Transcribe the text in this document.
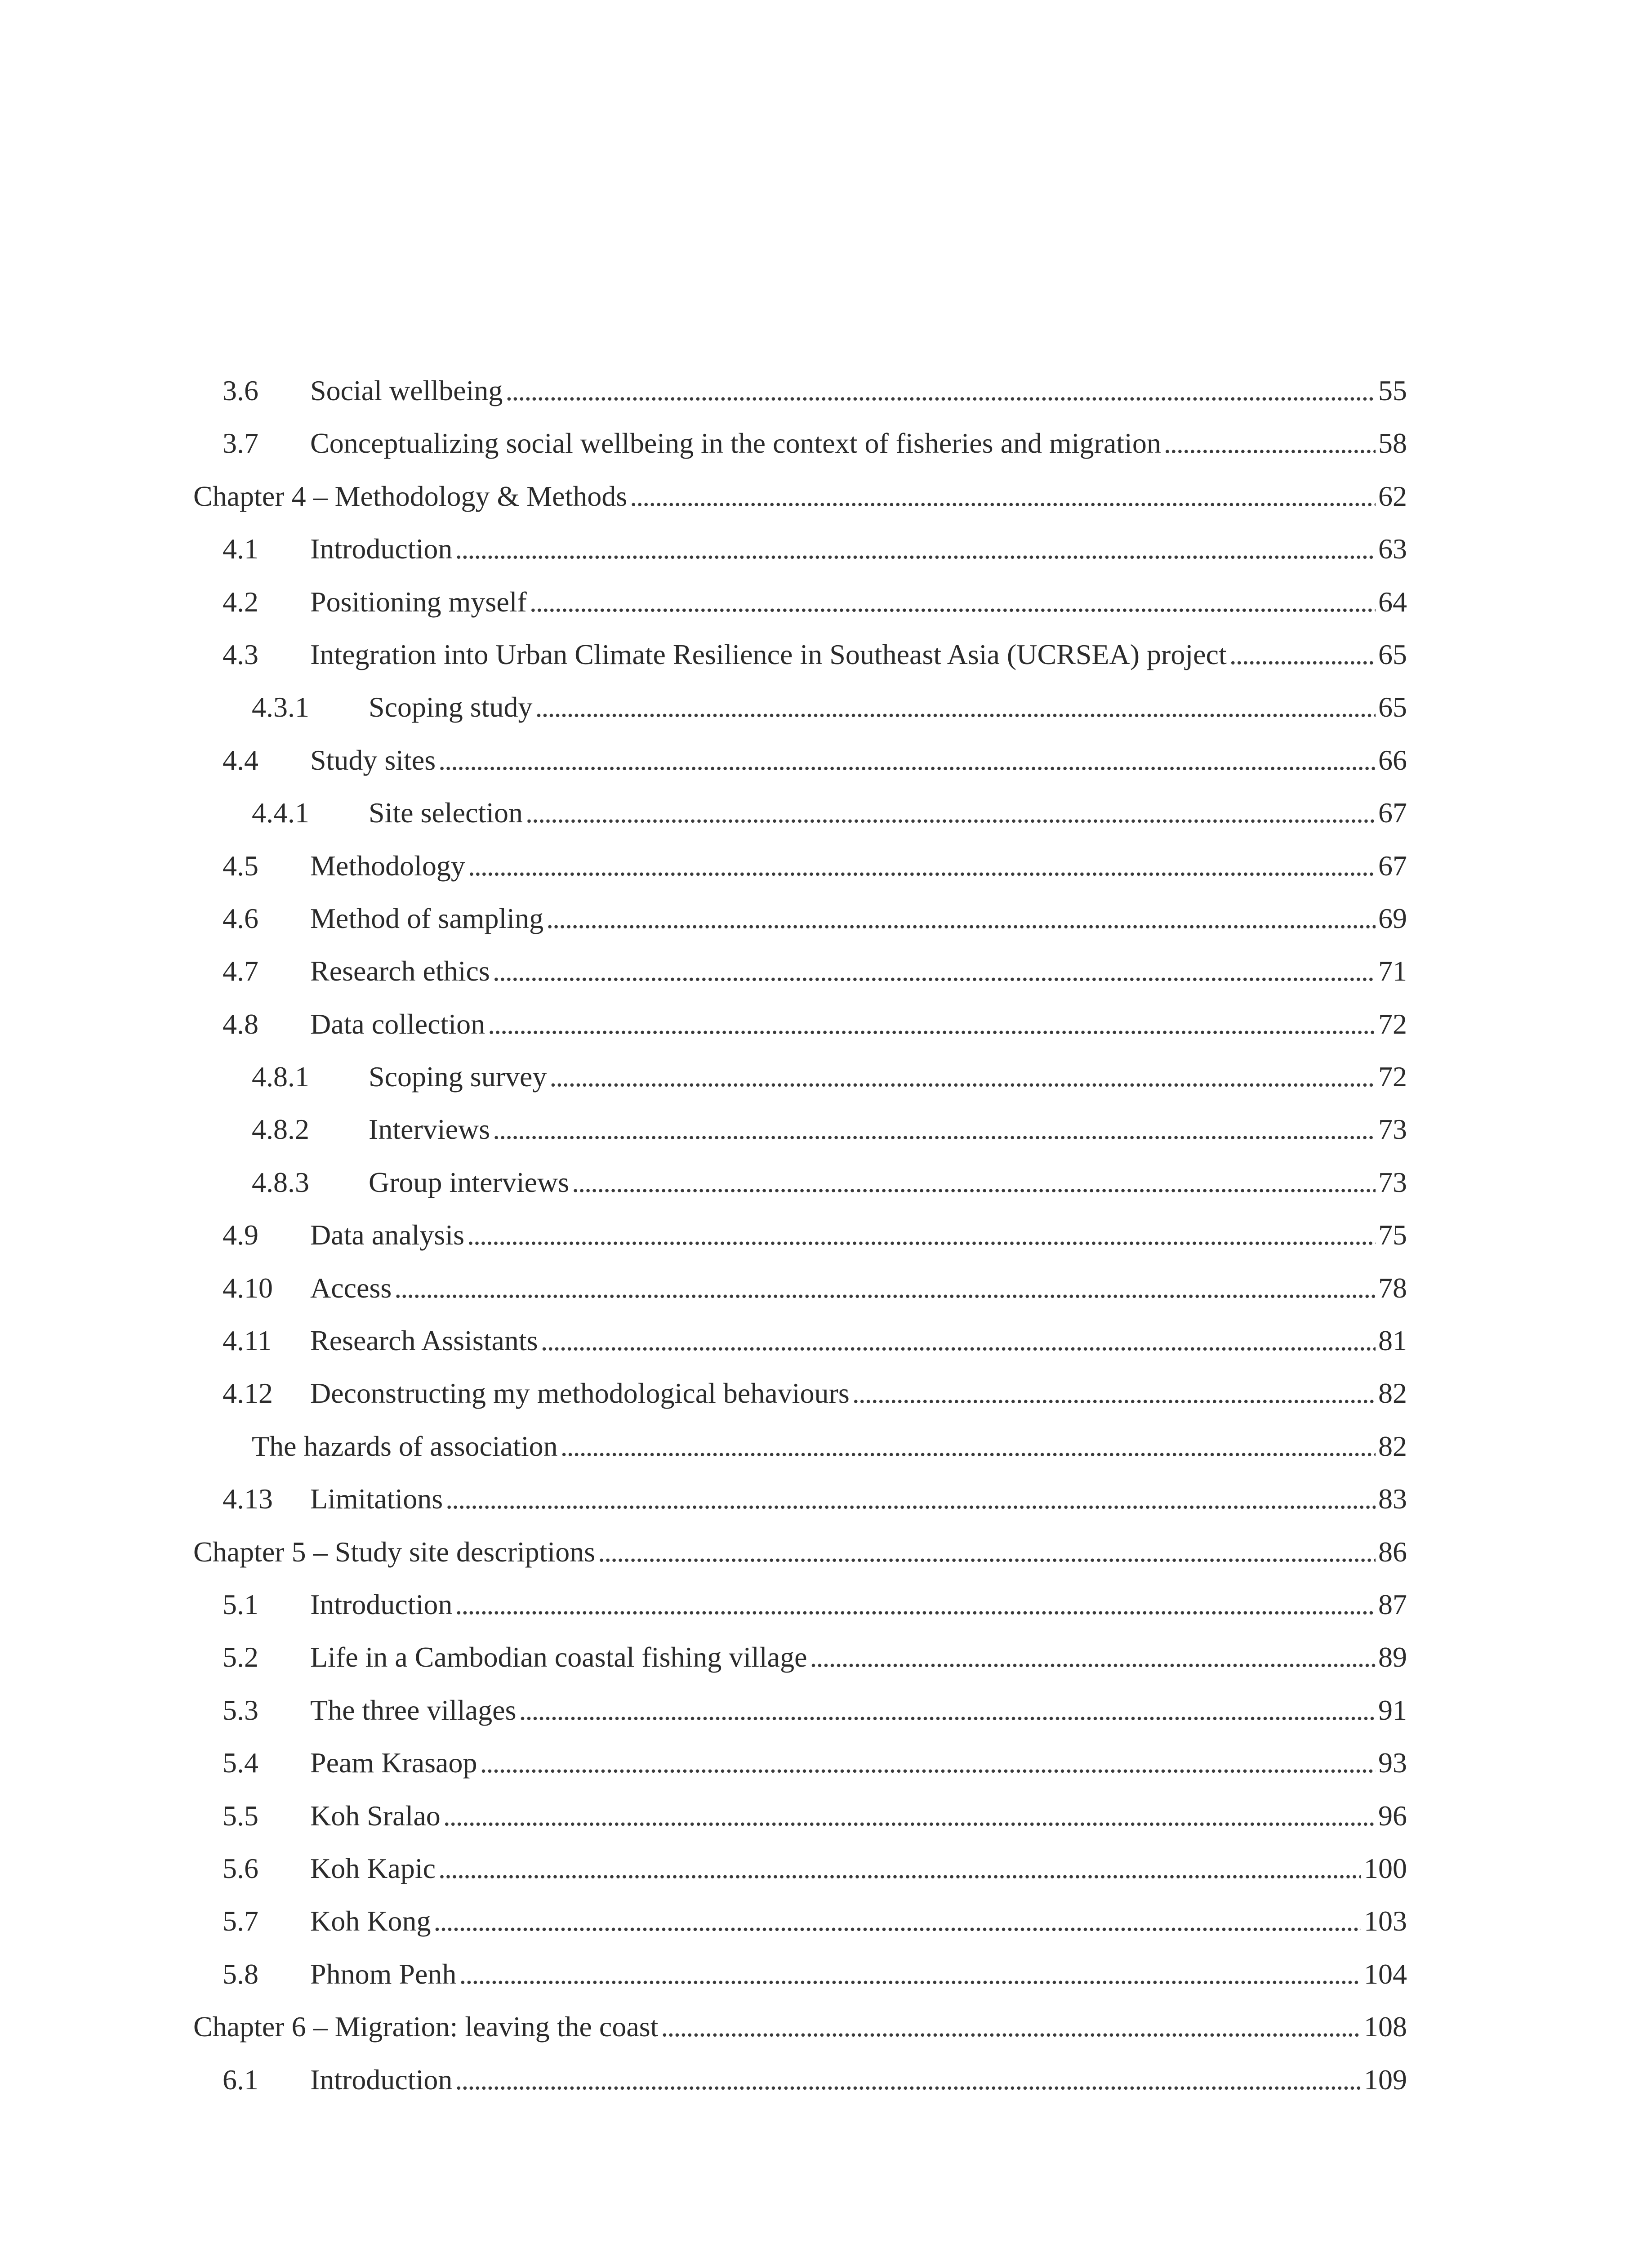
3.6	Social wellbeing . . .	55
3.7	Conceptualizing social wellbeing in the context of fisheries and migration . . .	58
Chapter 4 – Methodology & Methods . . .	62
4.1	Introduction . . .	63
4.2	Positioning myself . . .	64
4.3	Integration into Urban Climate Resilience in Southeast Asia (UCRSEA) project . . .	65
4.3.1	Scoping study . . .	65
4.4	Study sites . . .	66
4.4.1	Site selection . . .	67
4.5	Methodology . . .	67
4.6	Method of sampling . . .	69
4.7	Research ethics . . .	71
4.8	Data collection . . .	72
4.8.1	Scoping survey . . .	72
4.8.2	Interviews . . .	73
4.8.3	Group interviews . . .	73
4.9	Data analysis . . .	75
4.10	Access . . .	78
4.11	Research Assistants . . .	81
4.12	Deconstructing my methodological behaviours . . .	82
The hazards of association . . .	82
4.13	Limitations . . .	83
Chapter 5 – Study site descriptions . . .	86
5.1	Introduction . . .	87
5.2	Life in a Cambodian coastal fishing village . . .	89
5.3	The three villages . . .	91
5.4	Peam Krasaop . . .	93
5.5	Koh Sralao . . .	96
5.6	Koh Kapic . . .	100
5.7	Koh Kong . . .	103
5.8	Phnom Penh . . .	104
Chapter 6 – Migration: leaving the coast . . .	108
6.1	Introduction . . .	109
